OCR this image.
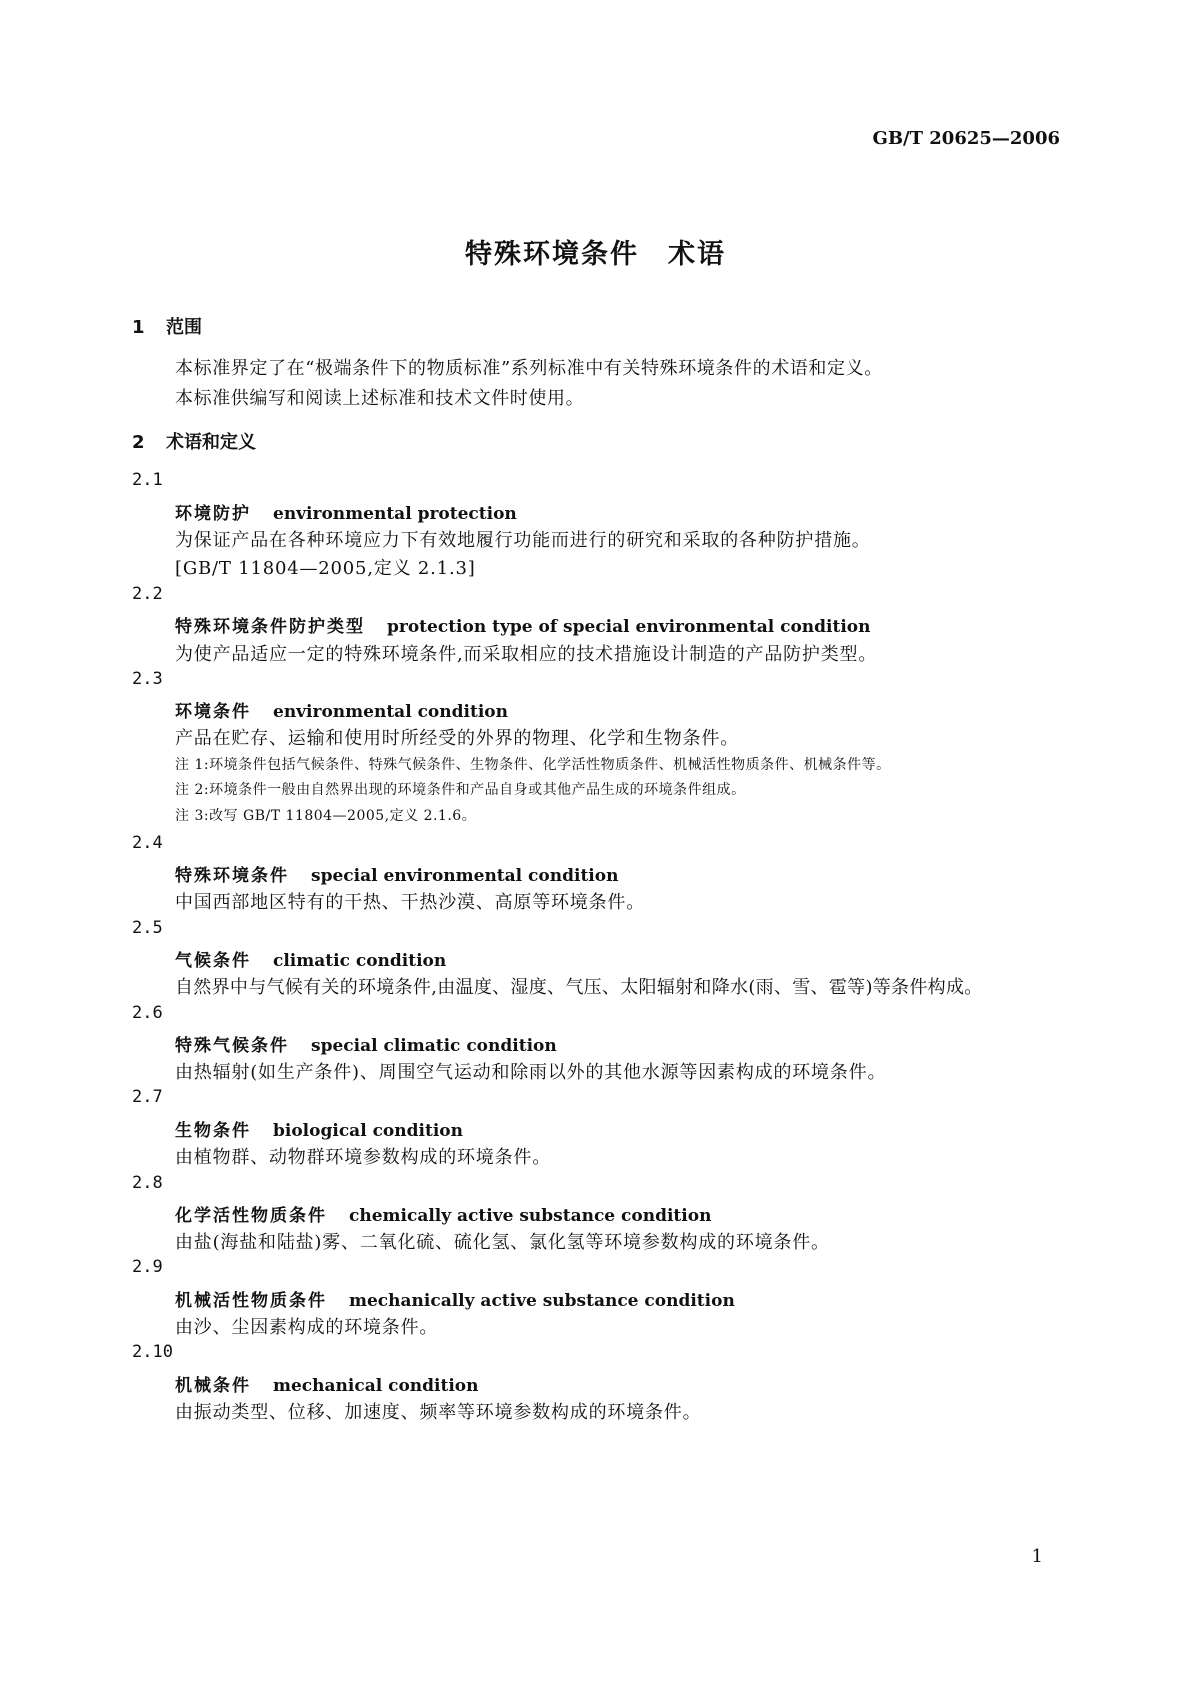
GB/T 20625—2006
特殊环境条件　术语
1 范围
本标准界定了在“极端条件下的物质标准”系列标准中有关特殊环境条件的术语和定义。
本标准供编写和阅读上述标准和技术文件时使用。
2 术语和定义
2.1
环境防护 environmental protection
为保证产品在各种环境应力下有效地履行功能而进行的研究和采取的各种防护措施。
[GB/T 11804—2005,定义 2.1.3]
2.2
特殊环境条件防护类型 protection type of special environmental condition
为使产品适应一定的特殊环境条件,而采取相应的技术措施设计制造的产品防护类型。
2.3
环境条件 environmental condition
产品在贮存、运输和使用时所经受的外界的物理、化学和生物条件。
注 1:环境条件包括气候条件、特殊气候条件、生物条件、化学活性物质条件、机械活性物质条件、机械条件等。
注 2:环境条件一般由自然界出现的环境条件和产品自身或其他产品生成的环境条件组成。
注 3:改写 GB/T 11804—2005,定义 2.1.6。
2.4
特殊环境条件 special environmental condition
中国西部地区特有的干热、干热沙漠、高原等环境条件。
2.5
气候条件 climatic condition
自然界中与气候有关的环境条件,由温度、湿度、气压、太阳辐射和降水(雨、雪、雹等)等条件构成。
2.6
特殊气候条件 special climatic condition
由热辐射(如生产条件)、周围空气运动和除雨以外的其他水源等因素构成的环境条件。
2.7
生物条件 biological condition
由植物群、动物群环境参数构成的环境条件。
2.8
化学活性物质条件 chemically active substance condition
由盐(海盐和陆盐)雾、二氧化硫、硫化氢、氯化氢等环境参数构成的环境条件。
2.9
机械活性物质条件 mechanically active substance condition
由沙、尘因素构成的环境条件。
2.10
机械条件 mechanical condition
由振动类型、位移、加速度、频率等环境参数构成的环境条件。
1
